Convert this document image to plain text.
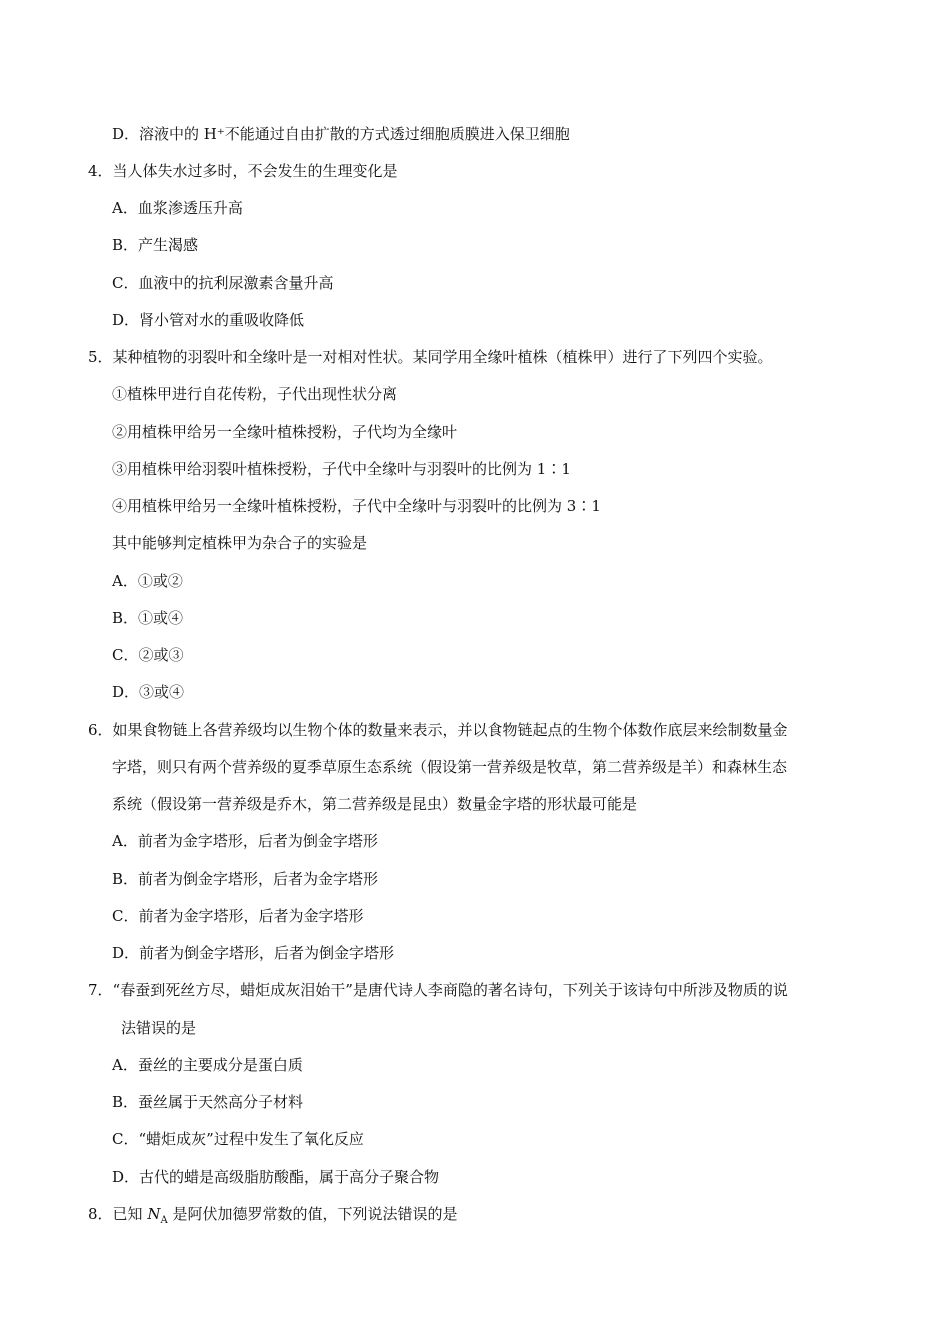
D．溶液中的 H⁺不能通过自由扩散的方式透过细胞质膜进入保卫细胞
4．当人体失水过多时，不会发生的生理变化是
A．血浆渗透压升高
B．产生渴感
C．血液中的抗利尿激素含量升高
D．肾小管对水的重吸收降低
5．某种植物的羽裂叶和全缘叶是一对相对性状。某同学用全缘叶植株（植株甲）进行了下列四个实验。
①植株甲进行自花传粉，子代出现性状分离
②用植株甲给另一全缘叶植株授粉，子代均为全缘叶
③用植株甲给羽裂叶植株授粉，子代中全缘叶与羽裂叶的比例为 1∶1
④用植株甲给另一全缘叶植株授粉，子代中全缘叶与羽裂叶的比例为 3∶1
其中能够判定植株甲为杂合子的实验是
A．①或②
B．①或④
C．②或③
D．③或④
6．如果食物链上各营养级均以生物个体的数量来表示，并以食物链起点的生物个体数作底层来绘制数量金
字塔，则只有两个营养级的夏季草原生态系统（假设第一营养级是牧草，第二营养级是羊）和森林生态
系统（假设第一营养级是乔木，第二营养级是昆虫）数量金字塔的形状最可能是
A．前者为金字塔形，后者为倒金字塔形
B．前者为倒金字塔形，后者为金字塔形
C．前者为金字塔形，后者为金字塔形
D．前者为倒金字塔形，后者为倒金字塔形
7．“春蚕到死丝方尽，蜡炬成灰泪始干”是唐代诗人李商隐的著名诗句，下列关于该诗句中所涉及物质的说
法错误的是
A．蚕丝的主要成分是蛋白质
B．蚕丝属于天然高分子材料
C．“蜡炬成灰”过程中发生了氧化反应
D．古代的蜡是高级脂肪酸酯，属于高分子聚合物
8．已知 $N_A$ 是阿伏加德罗常数的值，下列说法错误的是
